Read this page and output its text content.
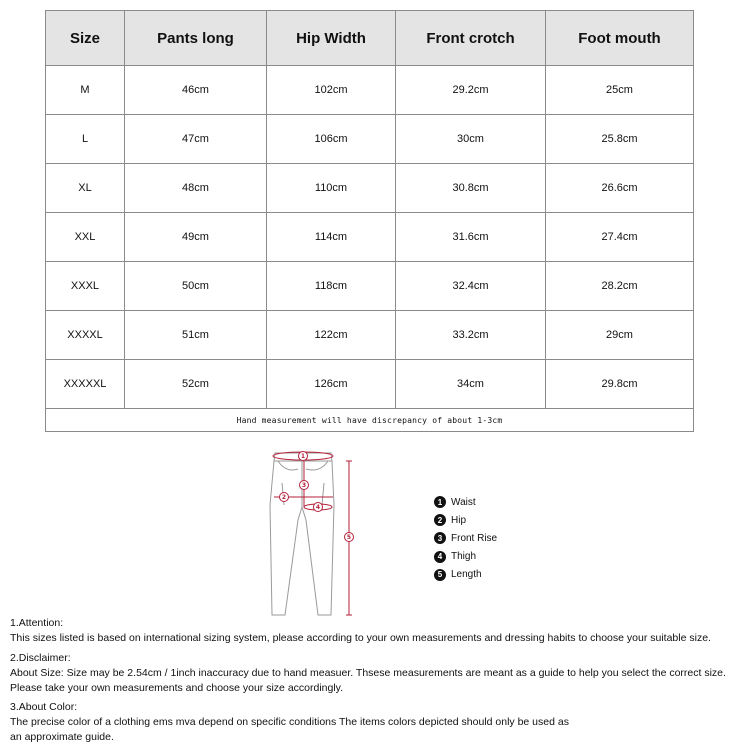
Size	Pants long	Hip Width	Front crotch	Foot mouth
M	46cm	102cm	29.2cm	25cm
L	47cm	106cm	30cm	25.8cm
XL	48cm	110cm	30.8cm	26.6cm
XXL	49cm	114cm	31.6cm	27.4cm
XXXL	50cm	118cm	32.4cm	28.2cm
XXXXL	51cm	122cm	33.2cm	29cm
XXXXXL	52cm	126cm	34cm	29.8cm
Hand measurement will have discrepancy of about 1-3cm				
1
3
2
4
5
1 Waist
2 Hip
3 Front Rise
4 Thigh
5 Length

1.Attention:

This sizes listed is based on international sizing system, please according to your own measurements and dressing habits to choose your suitable size.

2.Disclaimer:

About Size: Size may be 2.54cm / 1inch inaccuracy due to hand measuer. Thsese measurements are meant as a guide to help you select the correct size.

Please take your own measurements and choose your size accordingly.

3.About Color:

The precise color of a clothing ems mva depend on specific conditions The items colors depicted should only be used as

an approximate guide.
